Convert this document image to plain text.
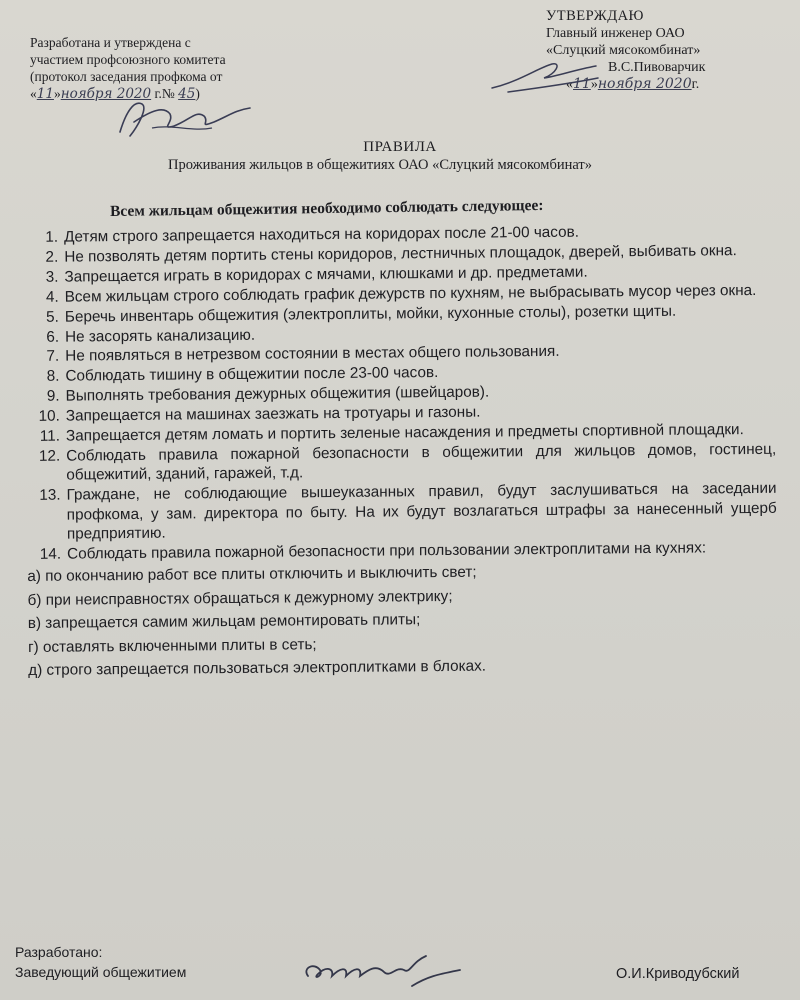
Разработана и утверждена с
участием профсоюзного комитета
(протокол заседания профкома от
«11»ноября 2020 г.№ 45)
УТВЕРЖДАЮ
Главный инженер ОАО
«Слуцкий мясокомбинат»
В.С.Пивоварчик
«11»ноября 2020г.
ПРАВИЛА
Проживания жильцов в общежитиях ОАО «Слуцкий мясокомбинат»
Всем жильцам общежития необходимо соблюдать следующее:
1. Детям строго запрещается находиться на коридорах после 21-00 часов.
2. Не позволять детям портить стены коридоров, лестничных площадок, дверей, выбивать окна.
3. Запрещается играть в коридорах с мячами, клюшками и др. предметами.
4. Всем жильцам строго соблюдать график дежурств по кухням, не выбрасывать мусор через окна.
5. Беречь инвентарь общежития (электроплиты, мойки, кухонные столы), розетки щиты.
6. Не засорять канализацию.
7. Не появляться в нетрезвом состоянии в местах общего пользования.
8. Соблюдать тишину в общежитии после 23-00 часов.
9. Выполнять требования дежурных общежития (швейцаров).
10. Запрещается на машинах заезжать на тротуары и газоны.
11. Запрещается детям ломать и портить зеленые насаждения и предметы спортивной площадки.
12. Соблюдать правила пожарной безопасности в общежитии для жильцов домов, гостинец, общежитий, зданий, гаражей, т.д.
13. Граждане, не соблюдающие вышеуказанных правил, будут заслушиваться на заседании профкома, у зам. директора по быту. На их будут возлагаться штрафы за нанесенный ущерб предприятию.
14. Соблюдать правила пожарной безопасности при пользовании электроплитами на кухнях:
а) по окончанию работ все плиты отключить и выключить свет;
б) при неисправностях обращаться к дежурному электрику;
в) запрещается самим жильцам ремонтировать плиты;
г) оставлять включенными плиты в сеть;
д) строго запрещается пользоваться электроплитками в блоках.
Разработано:
Заведующий общежитием	О.И.Криводубский
